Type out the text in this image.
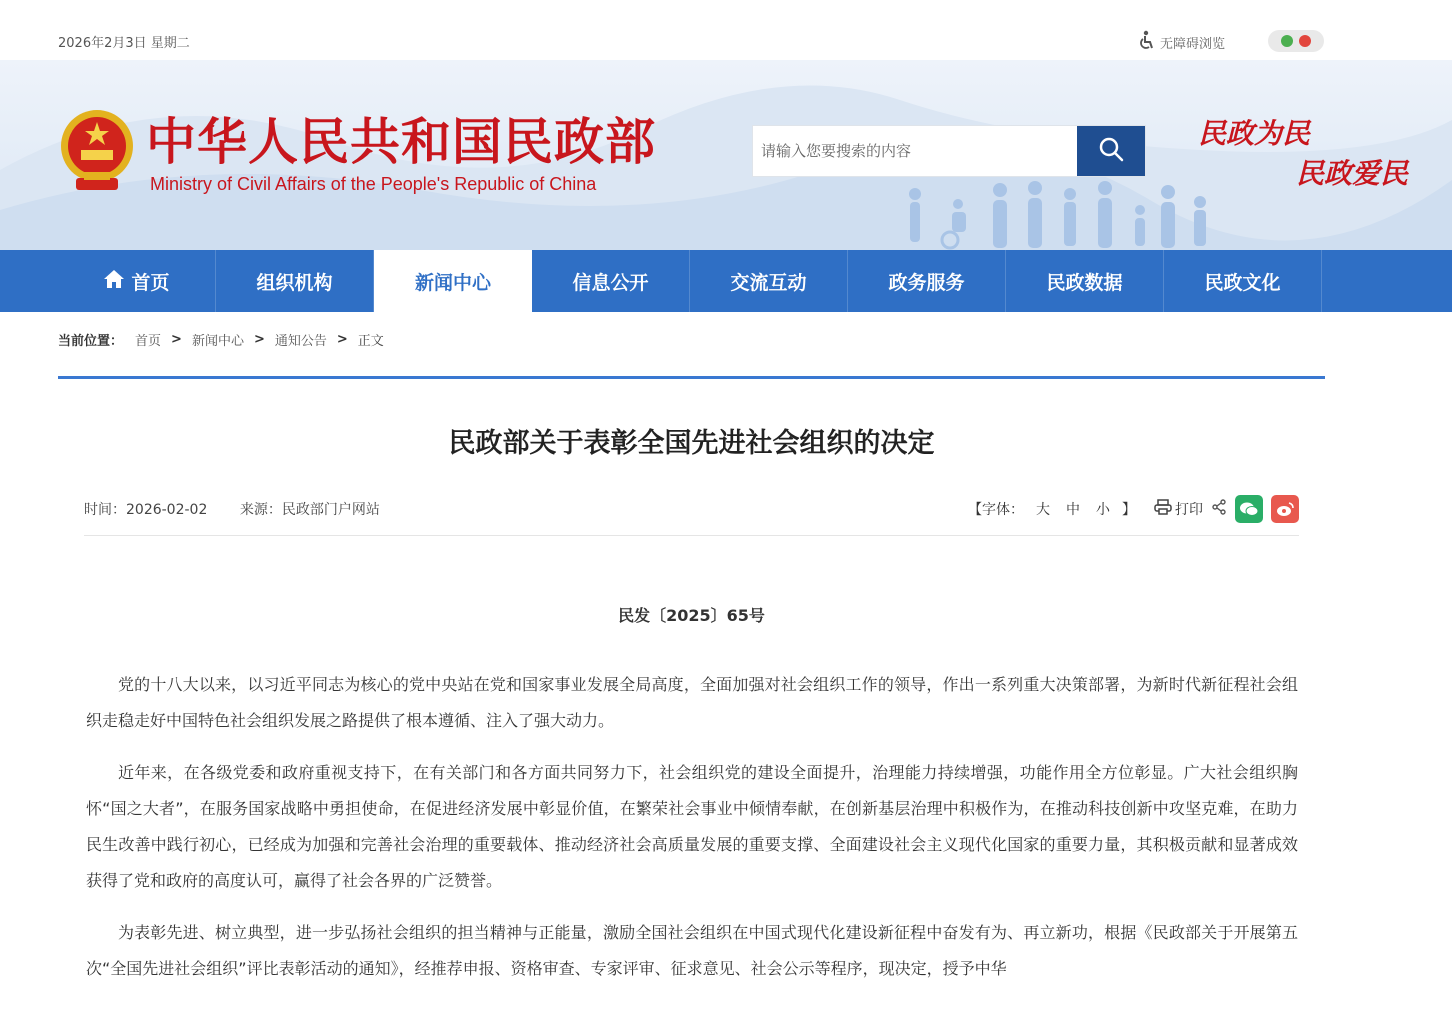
2026年2月3日 星期二	无障碍浏览
中华人民共和国民政部
Ministry of Civil Affairs of the People's Republic of China
请输入您要搜索的内容
民政为民
民政爱民
首页	组织机构	新闻中心	信息公开	交流互动	政务服务	民政数据	民政文化
当前位置： 首页 > 新闻中心 > 通知公告 > 正文
民政部关于表彰全国先进社会组织的决定
时间：2026-02-02 来源：民政部门户网站	【字体： 大 中 小 】	打印
民发〔2025〕65号

党的十八大以来，以习近平同志为核心的党中央站在党和国家事业发展全局高度，全面加强对社会组织工作的领导，作出一系列重大决策部署，为新时代新征程社会组织走稳走好中国特色社会组织发展之路提供了根本遵循、注入了强大动力。

近年来，在各级党委和政府重视支持下，在有关部门和各方面共同努力下，社会组织党的建设全面提升，治理能力持续增强，功能作用全方位彰显。广大社会组织胸怀“国之大者”，在服务国家战略中勇担使命，在促进经济发展中彰显价值，在繁荣社会事业中倾情奉献，在创新基层治理中积极作为，在推动科技创新中攻坚克难，在助力民生改善中践行初心，已经成为加强和完善社会治理的重要载体、推动经济社会高质量发展的重要支撑、全面建设社会主义现代化国家的重要力量，其积极贡献和显著成效获得了党和政府的高度认可，赢得了社会各界的广泛赞誉。

为表彰先进、树立典型，进一步弘扬社会组织的担当精神与正能量，激励全国社会组织在中国式现代化建设新征程中奋发有为、再立新功，根据《民政部关于开展第五次“全国先进社会组织”评比表彰活动的通知》，经推荐申报、资格审查、专家评审、征求意见、社会公示等程序，现决定，授予中华
